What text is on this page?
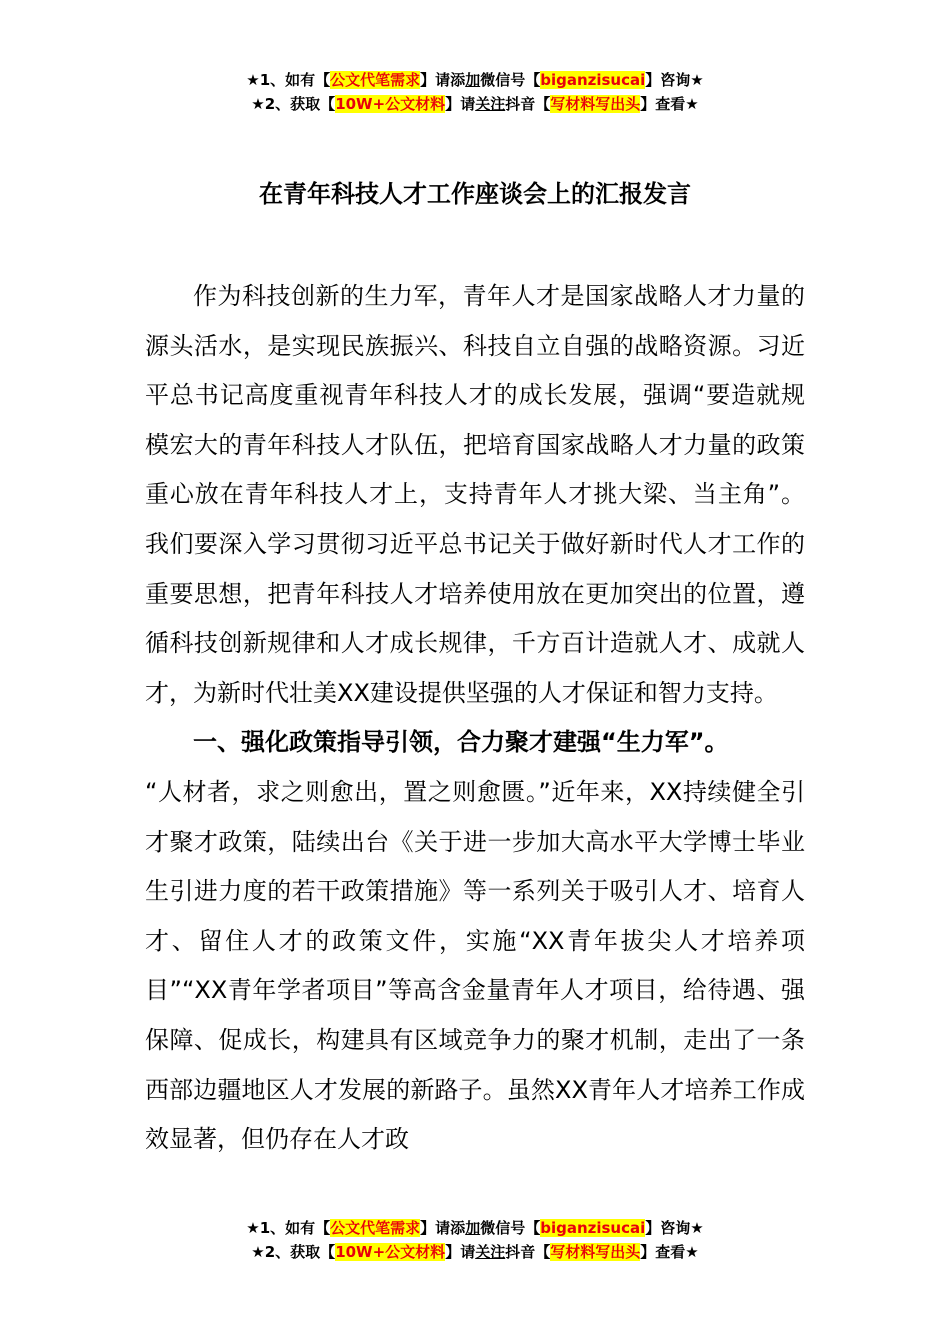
★1、如有【公文代笔需求】请添加微信号【biganzisucai】咨询★
★2、获取【10W+公文材料】请关注抖音【写材料写出头】查看★
在青年科技人才工作座谈会上的汇报发言

作为科技创新的生力军，青年人才是国家战略人才力量的源头活水，是实现民族振兴、科技自立自强的战略资源。习近平总书记高度重视青年科技人才的成长发展，强调“要造就规模宏大的青年科技人才队伍，把培育国家战略人才力量的政策重心放在青年科技人才上，支持青年人才挑大梁、当主角”。我们要深入学习贯彻习近平总书记关于做好新时代人才工作的重要思想，把青年科技人才培养使用放在更加突出的位置，遵循科技创新规律和人才成长规律，千方百计造就人才、成就人才，为新时代壮美XX建设提供坚强的人才保证和智力支持。

一、强化政策指导引领，合力聚才建强“生力军”。

“人材者，求之则愈出，置之则愈匮。”近年来，XX持续健全引才聚才政策，陆续出台《关于进一步加大高水平大学博士毕业生引进力度的若干政策措施》等一系列关于吸引人才、培育人才、留住人才的政策文件，实施“XX青年拔尖人才培养项目”“XX青年学者项目”等高含金量青年人才项目，给待遇、强保障、促成长，构建具有区域竞争力的聚才机制，走出了一条西部边疆地区人才发展的新路子。虽然XX青年人才培养工作成效显著，但仍存在人才政

★1、如有【公文代笔需求】请添加微信号【biganzisucai】咨询★
★2、获取【10W+公文材料】请关注抖音【写材料写出头】查看★
